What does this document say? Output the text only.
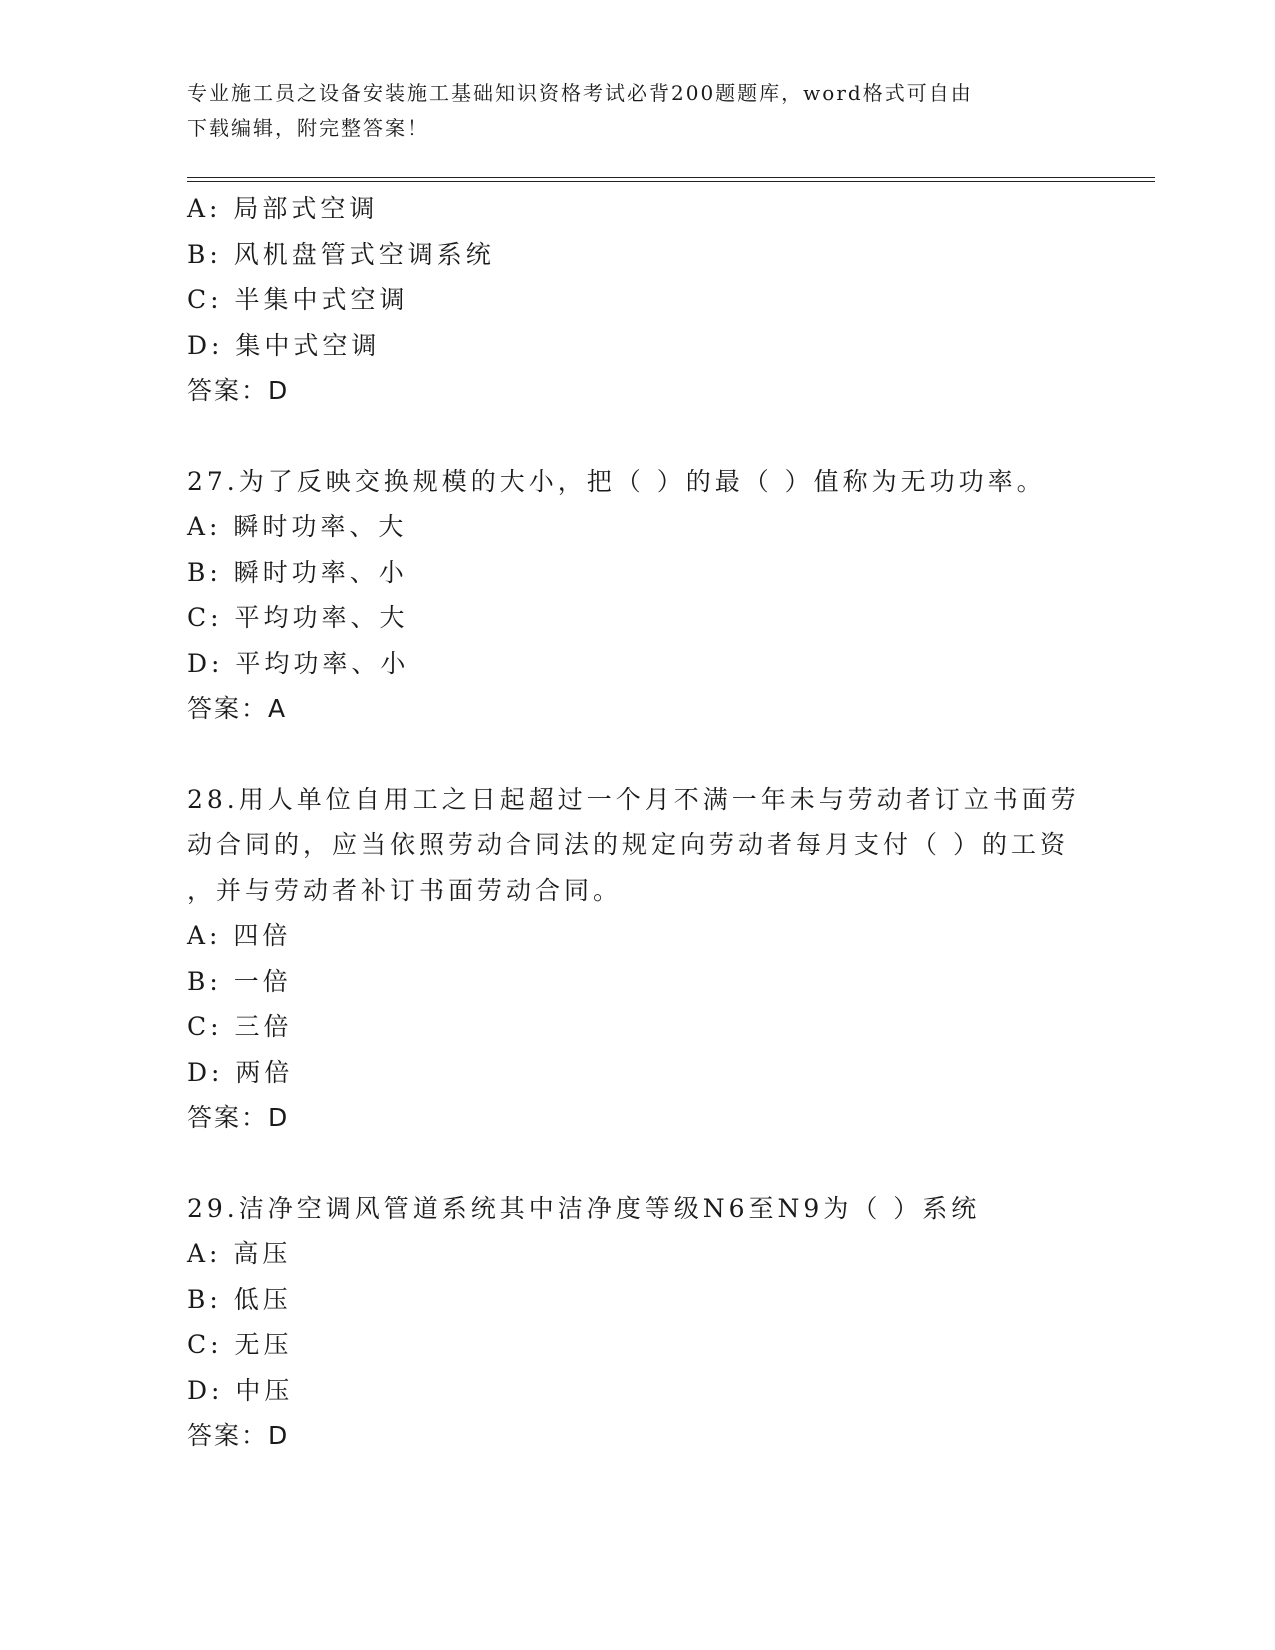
专业施工员之设备安装施工基础知识资格考试必背200题题库，word格式可自由
下载编辑，附完整答案！
A: 局部式空调
B: 风机盘管式空调系统
C: 半集中式空调
D: 集中式空调
答案：D
27.为了反映交换规模的大小，把（ ）的最（ ）值称为无功功率。
A: 瞬时功率、大
B: 瞬时功率、小
C: 平均功率、大
D: 平均功率、小
答案：A
28.用人单位自用工之日起超过一个月不满一年未与劳动者订立书面劳
动合同的，应当依照劳动合同法的规定向劳动者每月支付（ ）的工资
，并与劳动者补订书面劳动合同。
A: 四倍
B: 一倍
C: 三倍
D: 两倍
答案：D
29.洁净空调风管道系统其中洁净度等级N6至N9为（ ）系统
A: 高压
B: 低压
C: 无压
D: 中压
答案：D
